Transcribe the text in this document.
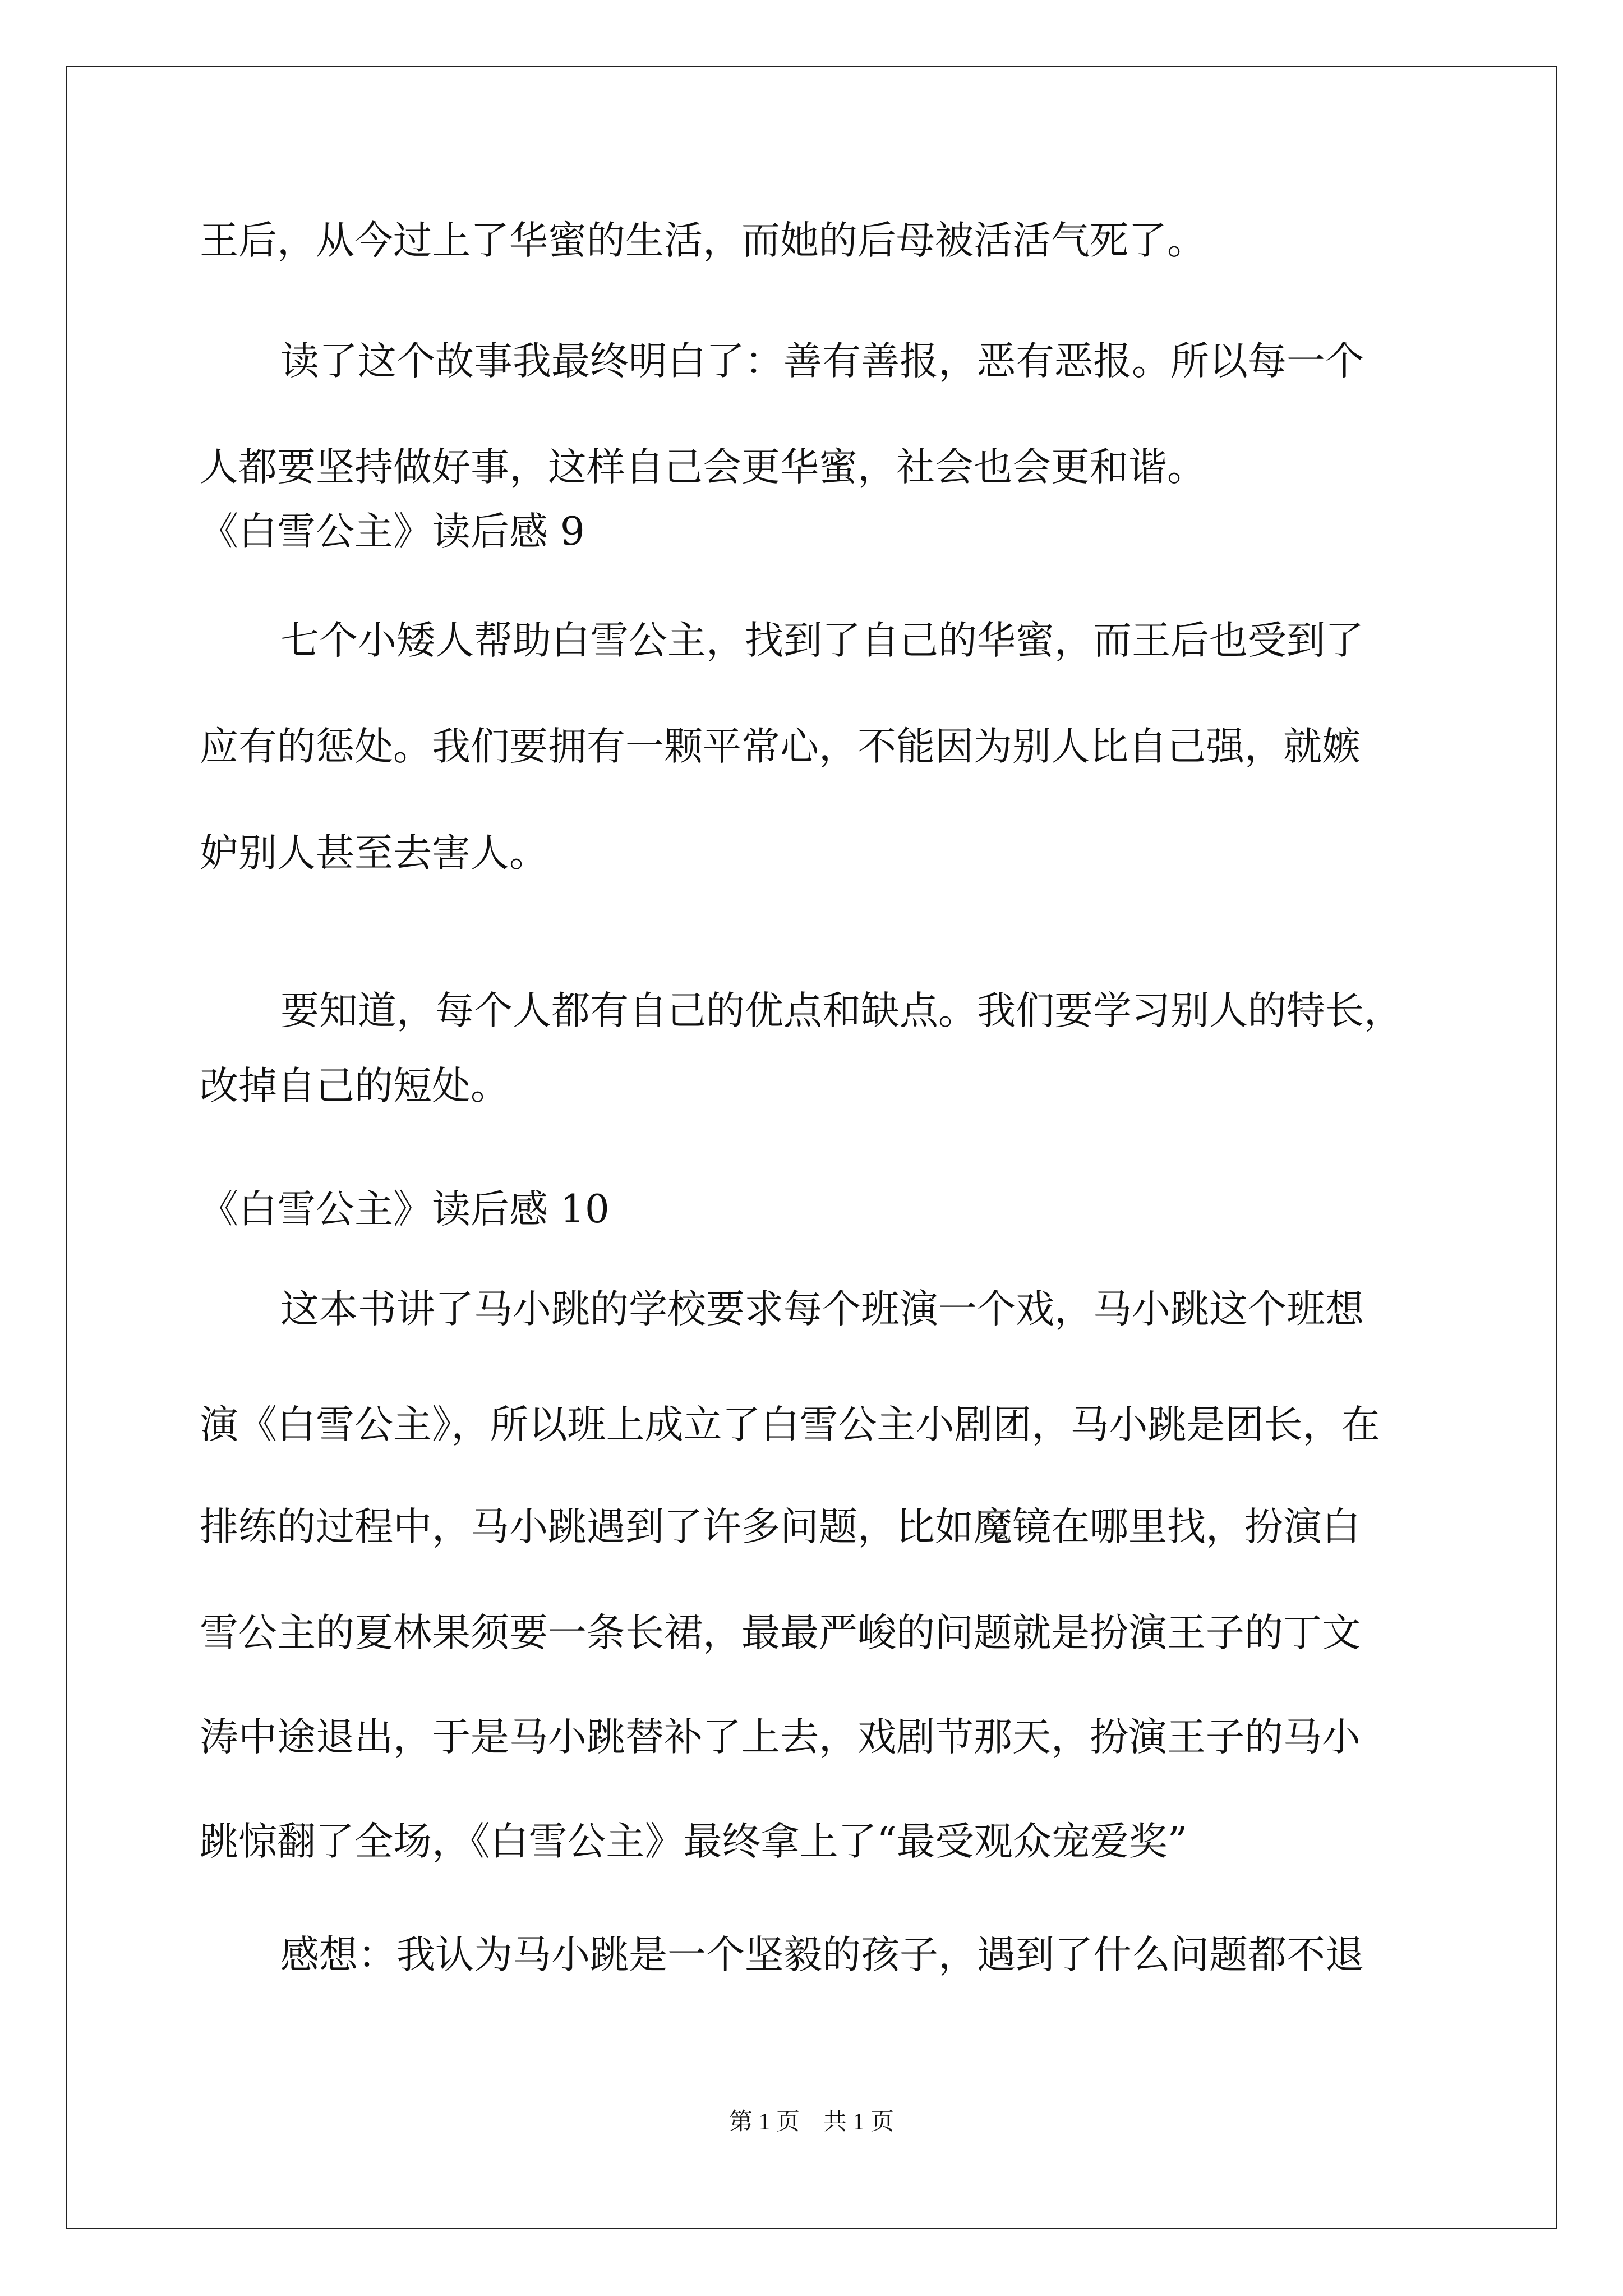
王后，从今过上了华蜜的生活，而她的后母被活活气死了。
读了这个故事我最终明白了：善有善报，恶有恶报。所以每一个
人都要坚持做好事，这样自己会更华蜜，社会也会更和谐。
《白雪公主》读后感 9
七个小矮人帮助白雪公主，找到了自己的华蜜，而王后也受到了
应有的惩处。我们要拥有一颗平常心，不能因为别人比自己强，就嫉
妒别人甚至去害人。
要知道，每个人都有自己的优点和缺点。我们要学习别人的特长，
改掉自己的短处。
《白雪公主》读后感 10
这本书讲了马小跳的学校要求每个班演一个戏，马小跳这个班想
演《白雪公主》，所以班上成立了白雪公主小剧团，马小跳是团长，在
排练的过程中，马小跳遇到了许多问题，比如魔镜在哪里找，扮演白
雪公主的夏林果须要一条长裙，最最严峻的问题就是扮演王子的丁文
涛中途退出，于是马小跳替补了上去，戏剧节那天，扮演王子的马小
跳惊翻了全场，《白雪公主》最终拿上了“最受观众宠爱奖”
感想：我认为马小跳是一个坚毅的孩子，遇到了什么问题都不退
第 1 页　共 1 页
